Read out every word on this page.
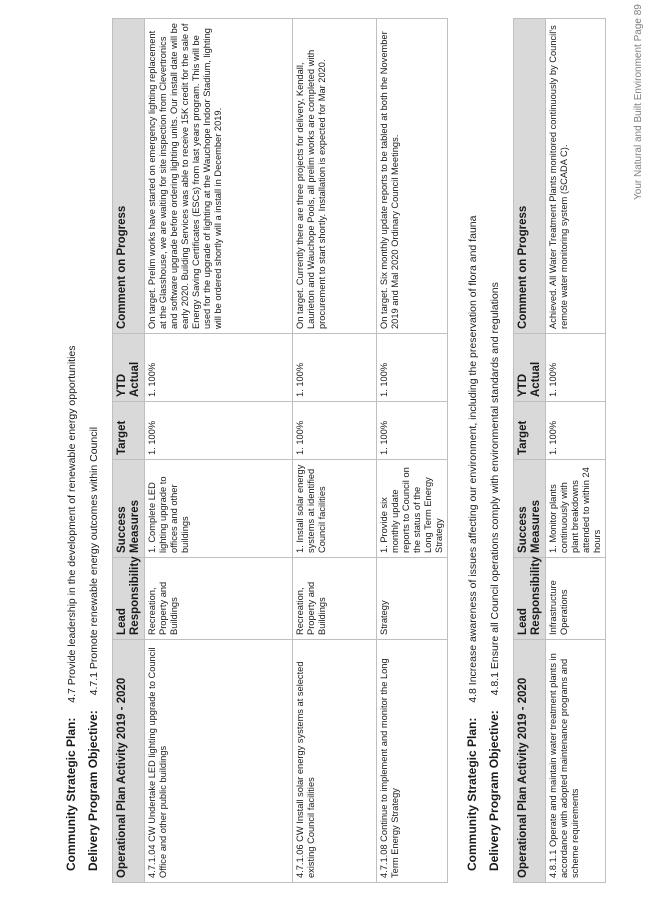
Your Natural and Built Environment Page 89
Community Strategic Plan: 4.7 Provide leadership in the development of renewable energy opportunities
Delivery Program Objective: 4.7.1 Promote renewable energy outcomes within Council
Operational Plan Activity 2019 - 2020	Lead Responsibility	Success Measures	Target	YTD Actual	Comment on Progress
4.7.1.04 CW Undertake LED lighting upgrade to Council Office and other public buildings	Recreation, Property and Buildings	1. Complete LED lighting upgrade to offices and other buildings	1. 100%	1. 100%	On target. Prelim works have started on emergency lighting replacement at the Glasshouse, we are waiting for site inspection from Clevertronics and software upgrade before ordering lighting units. Our install date will be early 2020. Building Services was able to receive 15K credit for the sale of Energy Saving Certificates (ESCs) from last years program. This will be used for the upgrade of lighting at the Wauchope Indoor Stadium, lighting will be ordered shortly will a install in December 2019.
4.7.1.06 CW Install solar energy systems at selected existing Council facilities	Recreation, Property and Buildings	1. Install solar energy systems at identified Council facilities	1. 100%	1. 100%	On target. Currently there are three projects for delivery, Kendall, Laurieton and Wauchope Pools, all prelim works are completed with procurement to start shortly. Installation is expected for Mar 2020.
4.7.1.08 Continue to implement and monitor the Long Term Energy Strategy	Strategy	1. Provide six monthly update reports to Council on the status of the Long Term Energy Strategy	1. 100%	1. 100%	On target. Six monthly update reports to be tabled at both the November 2019 and Mal 2020 Ordinary Council Meetings.
Community Strategic Plan: 4.8 Increase awareness of issues affecting our environment, including the preservation of flora and fauna
Delivery Program Objective: 4.8.1 Ensure all Council operations comply with environmental standards and regulations
Operational Plan Activity 2019 - 2020	Lead Responsibility	Success Measures	Target	YTD Actual	Comment on Progress
4.8.1.1 Operate and maintain water treatment plants in accordance with adopted maintenance programs and scheme requirements	Infrastructure Operations	1. Monitor plants continuously with plant breakdowns attended to within 24 hours	1. 100%	1. 100%	Achieved. All Water Treatment Plants monitored continuously by Council's remote water monitoring system (SCADA C).
